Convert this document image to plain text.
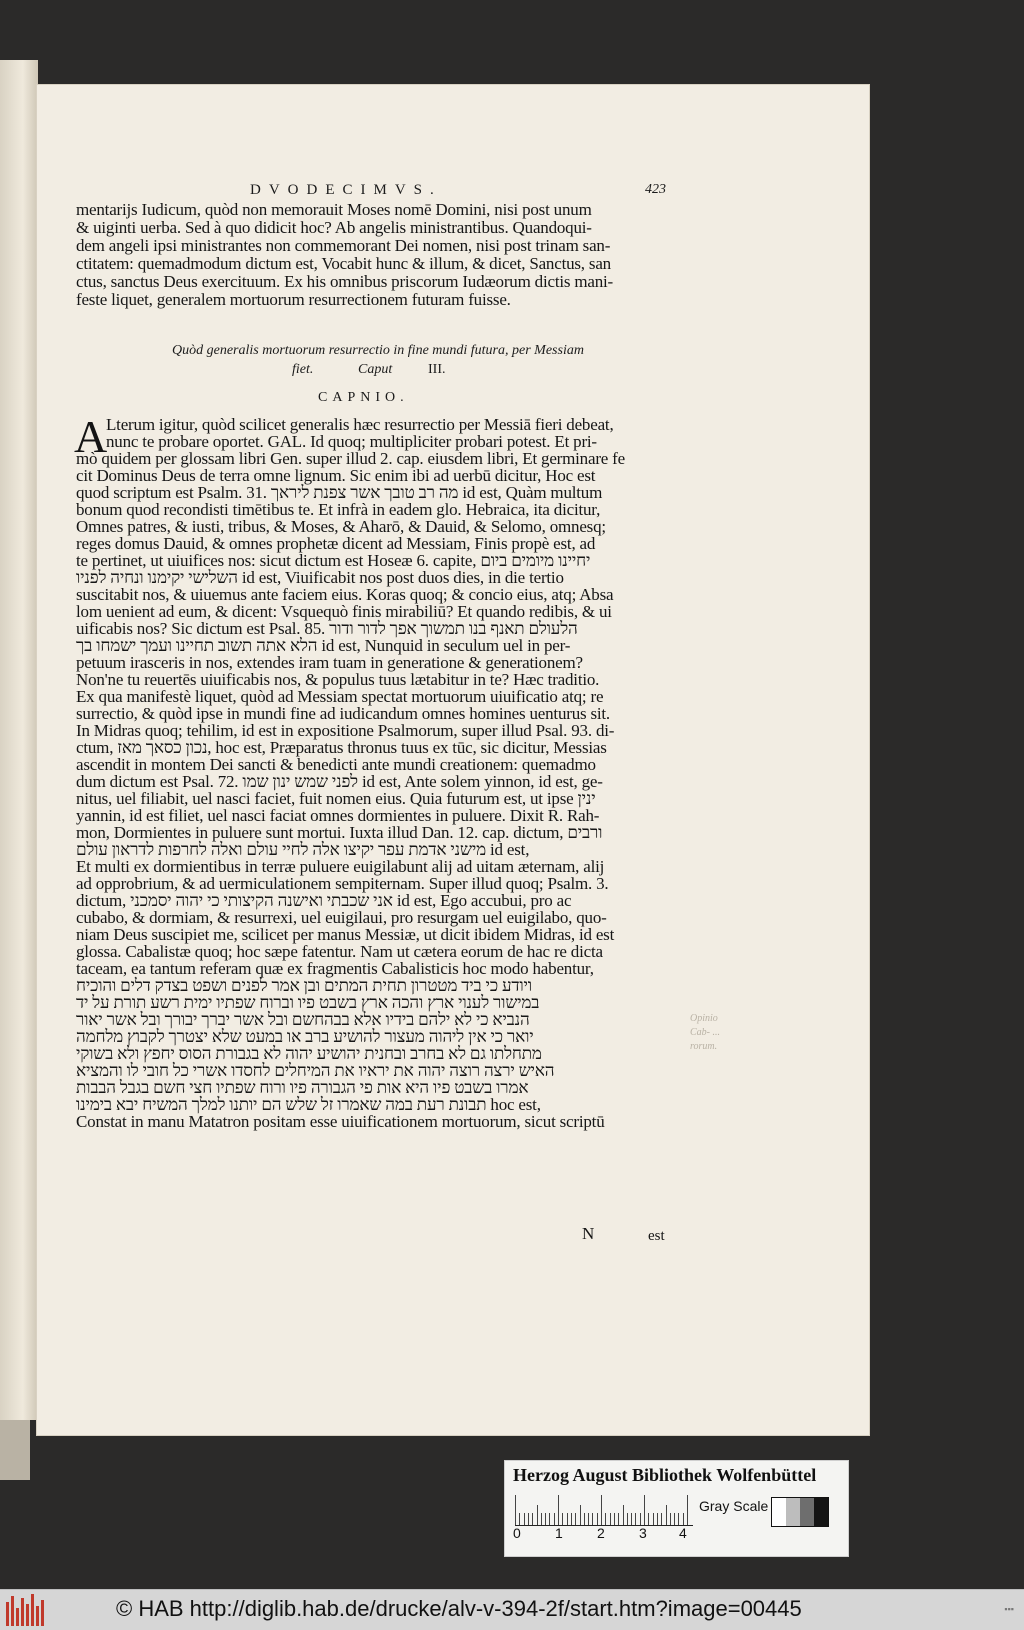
DVODECIMVS.	423
mentarijs Iudicum, quòd non memorauit Moses nomē Domini, nisi post unum
& uiginti uerba. Sed à quo didicit hoc? Ab angelis ministrantibus. Quandoqui-
dem angeli ipsi ministrantes non commemorant Dei nomen, nisi post trinam san-
ctitatem: quemadmodum dictum est, Vocabit hunc & illum, & dicet, Sanctus, san
ctus, sanctus Deus exercituum. Ex his omnibus priscorum Iudæorum dictis mani-
feste liquet, generalem mortuorum resurrectionem futuram fuisse.
Quòd generalis mortuorum resurrectio in fine mundi futura, per Messiam
fiet.	Caput	III.
CAPNIO.
A
Lterum igitur, quòd scilicet generalis hæc resurrectio per Messiā fieri debeat,
nunc te probare oportet. GAL. Id quoq; multipliciter probari potest. Et pri-
mò quidem per glossam libri Gen. super illud 2. cap. eiusdem libri, Et germinare fe
cit Dominus Deus de terra omne lignum. Sic enim ibi ad uerbū dicitur, Hoc est
quod scriptum est Psalm. 31. מה רב טובך אשר צפנת ליראך id est, Quàm multum
bonum quod recondisti timētibus te. Et infrà in eadem glo. Hebraica, ita dicitur,
Omnes patres, & iusti, tribus, & Moses, & Aharō, & Dauid, & Selomo, omnesq;
reges domus Dauid, & omnes prophetæ dicent ad Messiam, Finis propè est, ad
te pertinet, ut uiuifices nos: sicut dictum est Hoseæ 6. capite, יחיינו מיומים ביום
השלישי יקימנו ונחיה לפניו id est, Viuificabit nos post duos dies, in die tertio
suscitabit nos, & uiuemus ante faciem eius. Koras quoq; & concio eius, atq; Absa
lom uenient ad eum, & dicent: Vsquequò finis mirabiliū? Et quando redibis, & ui
uificabis nos? Sic dictum est Psal. 85. הלעולם תאנף בנו תמשוך אפך לדור ודור
הלא אתה תשוב תחיינו ועמך ישמחו בך id est, Nunquid in seculum uel in per-
petuum irasceris in nos, extendes iram tuam in generatione & generationem?
Non'ne tu reuertēs uiuificabis nos, & populus tuus lætabitur in te? Hæc traditio.
Ex qua manifestè liquet, quòd ad Messiam spectat mortuorum uiuificatio atq; re
surrectio, & quòd ipse in mundi fine ad iudicandum omnes homines uenturus sit.
In Midras quoq; tehilim, id est in expositione Psalmorum, super illud Psal. 93. di-
ctum, נכון כסאך מאז, hoc est, Præparatus thronus tuus ex tūc, sic dicitur, Messias
ascendit in montem Dei sancti & benedicti ante mundi creationem: quemadmo
dum dictum est Psal. 72. לפני שמש ינון שמו id est, Ante solem yinnon, id est, ge-
nitus, uel filiabit, uel nasci faciet, fuit nomen eius. Quia futurum est, ut ipse ינין
yannin, id est filiet, uel nasci faciat omnes dormientes in puluere. Dixit R. Rah-
mon, Dormientes in puluere sunt mortui. Iuxta illud Dan. 12. cap. dictum, ורבים
מישני אדמת עפר יקיצו אלה לחיי עולם ואלה לחרפות לדראון עולם id est,
Et multi ex dormientibus in terræ puluere euigilabunt alij ad uitam æternam, alij
ad opprobrium, & ad uermiculationem sempiternam. Super illud quoq; Psalm. 3.
dictum, אני שכבתי ואישנה הקיצותי כי יהוה יסמכני id est, Ego accubui, pro ac
cubabo, & dormiam, & resurrexi, uel euigilaui, pro resurgam uel euigilabo, quo-
niam Deus suscipiet me, scilicet per manus Messiæ, ut dicit ibidem Midras, id est
glossa. Cabalistæ quoq; hoc sæpe fatentur. Nam ut cætera eorum de hac re dicta
taceam, ea tantum referam quæ ex fragmentis Cabalisticis hoc modo habentur,
ויודע כי ביד מטטרון תחית המתים ובן אמר לפנים ושפט בצדק דלים והוכיח
במישור לענוי ארץ והכה ארץ בשבט פיו וברוח שפתיו ימית רשע תורת על יד
הנביא כי לא ילהם בידיו אלא בבהחשם ובל אשר יברך יבורך ובל אשר יאור
יואר כי אין ליהוה מעצור להושיע ברב או במעט שלא יצטרך לקבוץ מלחמה
מתחלתו גם לא בחרב ובחנית יהושיע יהוה לא בגבורת הסוס יחפץ ולא בשוקי
האיש ירצה רוצה יהוה את יראיו את המיחלים לחסדו אשרי כל חובי לו והמציא
אמרו בשבט פיו היא אות פי הגבורה פיו ורוח שפתיו חצי חשם בגבל הבבות
תבונת רעת במה שאמרו זל שלש הם יותנו למלך המשיח יבא בימינו hoc est,
Constat in manu Matatron positam esse uiuificationem mortuorum, sicut scriptū
Opinio Cab- ... rorum.
N	est
Herzog August Bibliothek Wolfenbüttel
0 1 2 3 4
Gray Scale
© HAB http://diglib.hab.de/drucke/alv-v-394-2f/start.htm?image=00445	▪▪▪
